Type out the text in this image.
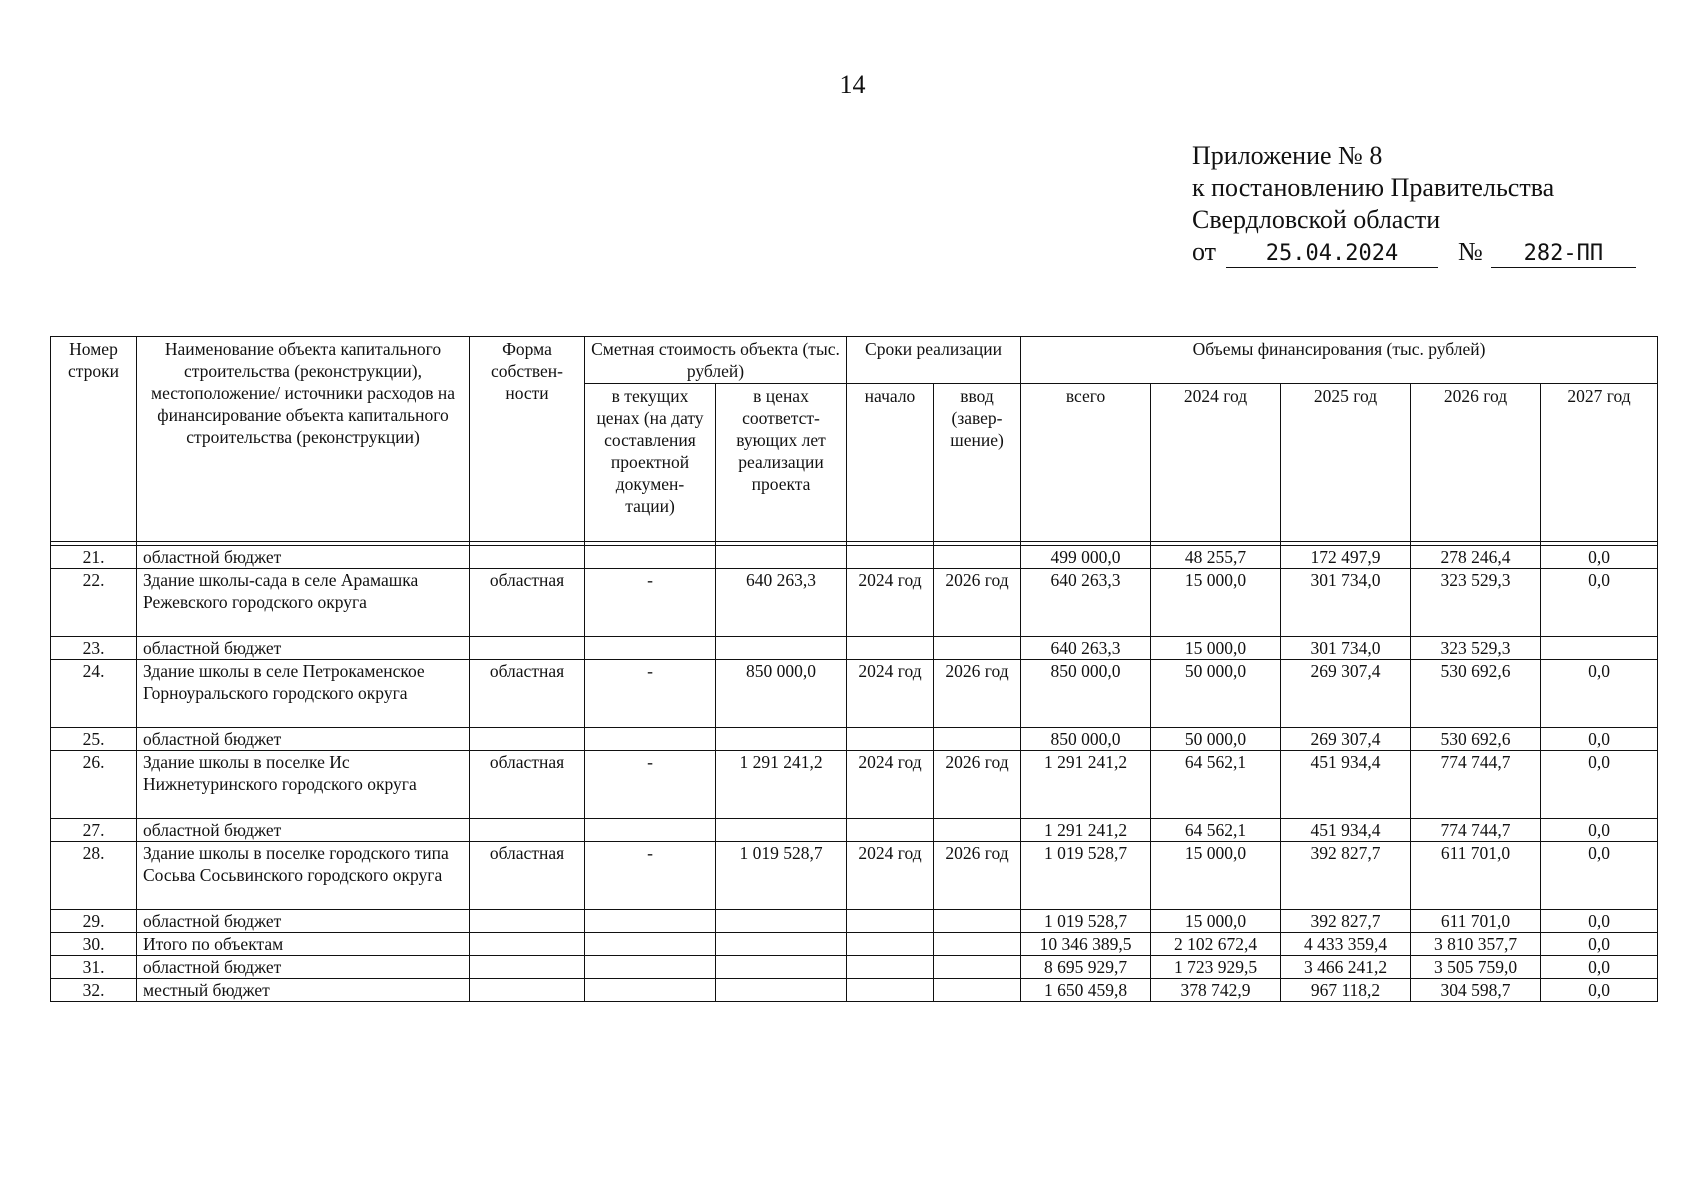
14
Приложение № 8
к постановлению Правительства
Свердловской области
от	25.04.2024	№	282-ПП
Номер строки	Наименование объекта капитального строительства (реконструкции), местоположение/ источники расходов на финансирование объекта капитального строительства (реконструкции)	Форма собствен- ности	Сметная стоимость объекта (тыс. рублей)		Сроки реализации		Объемы финансирования (тыс. рублей)				
			в текущих ценах (на дату составления проектной докумен- тации)	в ценах соответст- вующих лет реализации проекта	начало	ввод (завер- шение)	всего	2024 год	2025 год	2026 год	2027 год

21.	областной бюджет						499 000,0	48 255,7	172 497,9	278 246,4	0,0
22.	Здание школы-сада в селе Арамашка Режевского городского округа	областная	-	640 263,3	2024 год	2026 год	640 263,3	15 000,0	301 734,0	323 529,3	0,0
23.	областной бюджет						640 263,3	15 000,0	301 734,0	323 529,3	
24.	Здание школы в селе Петрокаменское Горноуральского городского округа	областная	-	850 000,0	2024 год	2026 год	850 000,0	50 000,0	269 307,4	530 692,6	0,0
25.	областной бюджет						850 000,0	50 000,0	269 307,4	530 692,6	0,0
26.	Здание школы в поселке Ис Нижнетуринского городского округа	областная	-	1 291 241,2	2024 год	2026 год	1 291 241,2	64 562,1	451 934,4	774 744,7	0,0
27.	областной бюджет						1 291 241,2	64 562,1	451 934,4	774 744,7	0,0
28.	Здание школы в поселке городского типа Сосьва Сосьвинского городского округа	областная	-	1 019 528,7	2024 год	2026 год	1 019 528,7	15 000,0	392 827,7	611 701,0	0,0
29.	областной бюджет						1 019 528,7	15 000,0	392 827,7	611 701,0	0,0
30.	Итого по объектам						10 346 389,5	2 102 672,4	4 433 359,4	3 810 357,7	0,0
31.	областной бюджет						8 695 929,7	1 723 929,5	3 466 241,2	3 505 759,0	0,0
32.	местный бюджет						1 650 459,8	378 742,9	967 118,2	304 598,7	0,0
